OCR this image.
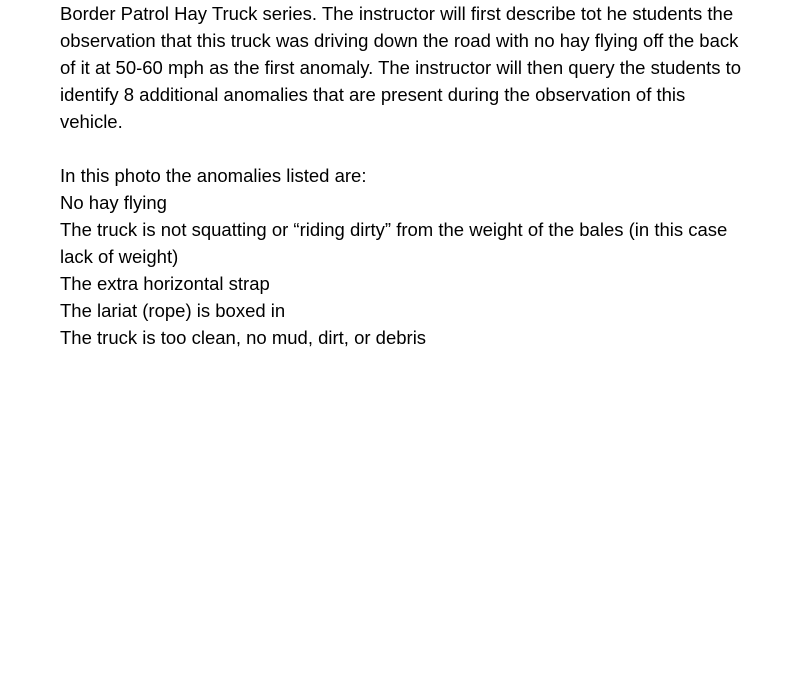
Border Patrol Hay Truck series. The instructor will first describe tot he students the observation that this truck was driving down the road with no hay flying off the back of it at 50-60 mph as the first anomaly. The instructor will then query the students to identify 8 additional anomalies that are present during the observation of this vehicle.

In this photo the anomalies listed are:

No hay flying
The truck is not squatting or “riding dirty” from the weight of the bales (in this case lack of weight)
The extra horizontal strap
The lariat (rope) is boxed in
The truck is too clean, no mud, dirt, or debris
